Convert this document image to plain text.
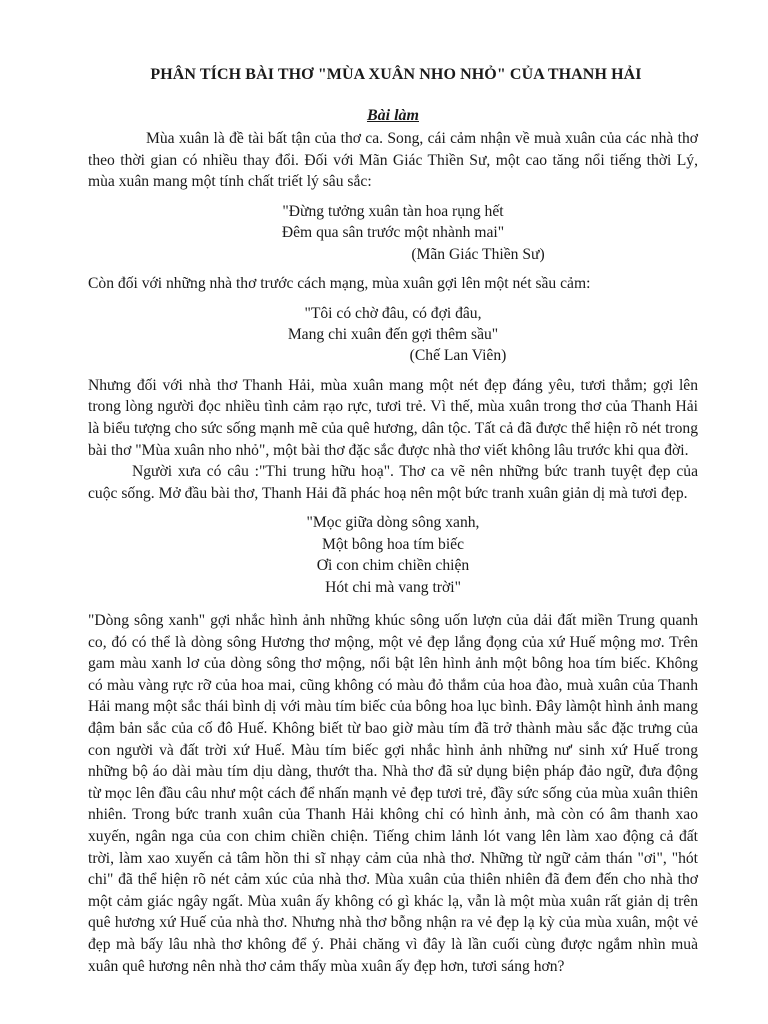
PHÂN TÍCH BÀI THƠ "MÙA XUÂN NHO NHỎ" CỦA THANH HẢI
Bài làm

Mùa xuân là đề tài bất tận của thơ ca. Song, cái cảm nhận về muà xuân của các nhà thơ theo thời gian có nhiều thay đổi. Đối với Mãn Giác Thiền Sư, một cao tăng nổi tiếng thời Lý, mùa xuân mang một tính chất triết lý sâu sắc:

"Đừng tưởng xuân tàn hoa rụng hết
Đêm qua sân trước một nhành mai"
(Mãn Giác Thiền Sư)

Còn đối với những nhà thơ trước cách mạng, mùa xuân gợi lên một nét sầu cảm:

"Tôi có chờ đâu, có đợi đâu,
Mang chi xuân đến gợi thêm sầu"
(Chế Lan Viên)

Nhưng đối với nhà thơ Thanh Hải, mùa xuân mang một nét đẹp đáng yêu, tươi thắm; gợi lên trong lòng người đọc nhiều tình cảm rạo rực, tươi trẻ. Vì thế, mùa xuân trong thơ của Thanh Hải là biểu tượng cho sức sống mạnh mẽ của quê hương, dân tộc. Tất cả đã được thể hiện rõ nét trong bài thơ "Mùa xuân nho nhỏ", một bài thơ đặc sắc được nhà thơ viết không lâu trước khi qua đời.

Người xưa có câu :"Thi trung hữu hoạ". Thơ ca vẽ nên những bức tranh tuyệt đẹp của cuộc sống. Mở đầu bài thơ, Thanh Hải đã phác hoạ nên một bức tranh xuân giản dị mà tươi đẹp.

"Mọc giữa dòng sông xanh,
Một bông hoa tím biếc
Ơi con chim chiền chiện
Hót chi mà vang trời"

"Dòng sông xanh" gợi nhắc hình ảnh những khúc sông uốn lượn của dải đất miền Trung quanh co, đó có thể là dòng sông Hương thơ mộng, một vẻ đẹp lắng đọng của xứ Huế mộng mơ. Trên gam màu xanh lơ của dòng sông thơ mộng, nổi bật lên hình ảnh một bông hoa tím biếc. Không có màu vàng rực rỡ của hoa mai, cũng không có màu đỏ thắm của hoa đào, muà xuân của Thanh Hải mang một sắc thái bình dị với màu tím biếc của bông hoa lục bình. Đây làmột hình ảnh mang đậm bản sắc của cố đô Huế. Không biết từ bao giờ màu tím đã trở thành màu sắc đặc trưng của con người và đất trời xứ Huế. Màu tím biếc gợi nhắc hình ảnh những nư' sinh xứ Huế trong những bộ áo dài màu tím dịu dàng, thướt tha. Nhà thơ đã sử dụng biện pháp đảo ngữ, đưa động từ mọc lên đầu câu như một cách để nhấn mạnh vẻ đẹp tươi trẻ, đầy sức sống của mùa xuân thiên nhiên. Trong bức tranh xuân của Thanh Hải không chỉ có hình ảnh, mà còn có âm thanh xao xuyến, ngân nga của con chim chiền chiện. Tiếng chim lảnh lót vang lên làm xao động cả đất trời, làm xao xuyến cả tâm hồn thi sĩ nhạy cảm của nhà thơ. Những từ ngữ cảm thán "ơi", "hót chi" đã thể hiện rõ nét cảm xúc của nhà thơ. Mùa xuân của thiên nhiên đã đem đến cho nhà thơ một cảm giác ngây ngất. Mùa xuân ấy không có gì khác lạ, vẫn là một mùa xuân rất giản dị trên quê hương xứ Huế của nhà thơ. Nhưng nhà thơ bỗng nhận ra vẻ đẹp lạ kỳ của mùa xuân, một vẻ đẹp mà bấy lâu nhà thơ không để ý. Phải chăng vì đây là lần cuối cùng được ngắm nhìn muà xuân quê hương nên nhà thơ cảm thấy mùa xuân ấy đẹp hơn, tươi sáng hơn?
